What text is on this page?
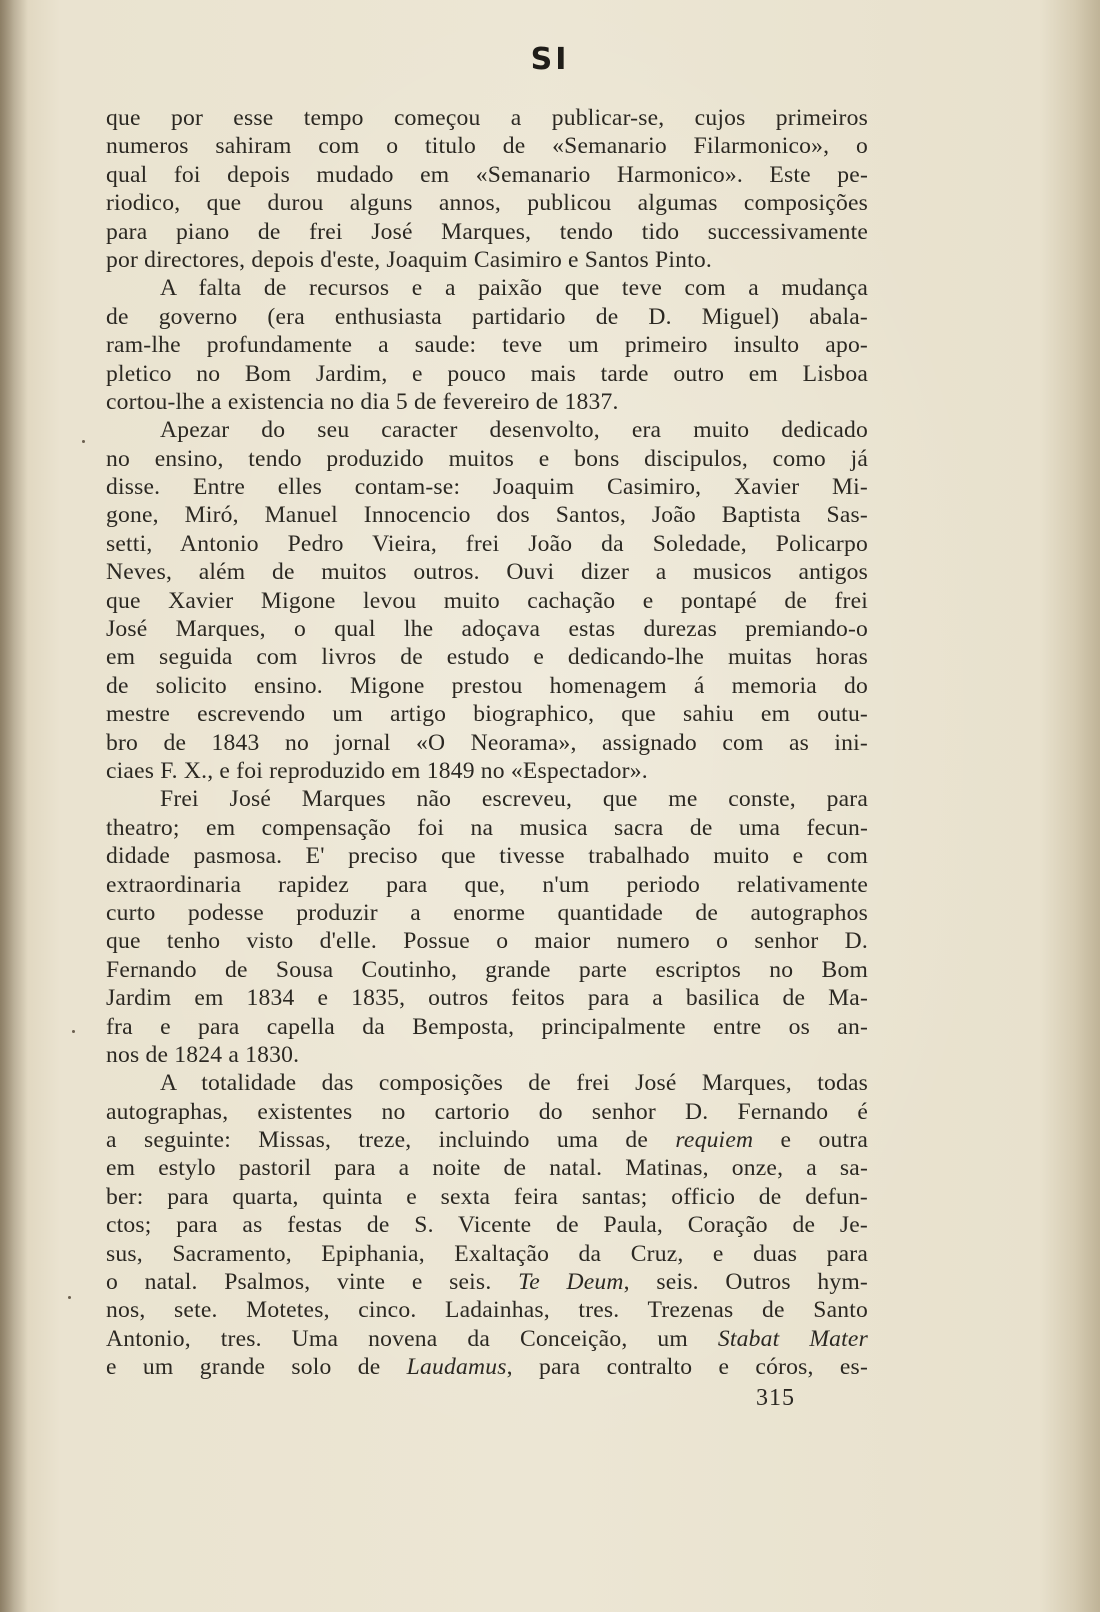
SI
que por esse tempo começou a publicar-se, cujos primeiros
numeros sahiram com o titulo de «Semanario Filarmonico», o
qual foi depois mudado em «Semanario Harmonico». Este pe-
riodico, que durou alguns annos, publicou algumas composições
para piano de frei José Marques, tendo tido successivamente
por directores, depois d'este, Joaquim Casimiro e Santos Pinto.
A falta de recursos e a paixão que teve com a mudança
de governo (era enthusiasta partidario de D. Miguel) abala-
ram-lhe profundamente a saude: teve um primeiro insulto apo-
pletico no Bom Jardim, e pouco mais tarde outro em Lisboa
cortou-lhe a existencia no dia 5 de fevereiro de 1837.
Apezar do seu caracter desenvolto, era muito dedicado
no ensino, tendo produzido muitos e bons discipulos, como já
disse. Entre elles contam-se: Joaquim Casimiro, Xavier Mi-
gone, Miró, Manuel Innocencio dos Santos, João Baptista Sas-
setti, Antonio Pedro Vieira, frei João da Soledade, Policarpo
Neves, além de muitos outros. Ouvi dizer a musicos antigos
que Xavier Migone levou muito cachação e pontapé de frei
José Marques, o qual lhe adoçava estas durezas premiando-o
em seguida com livros de estudo e dedicando-lhe muitas horas
de solicito ensino. Migone prestou homenagem á memoria do
mestre escrevendo um artigo biographico, que sahiu em outu-
bro de 1843 no jornal «O Neorama», assignado com as ini-
ciaes F. X., e foi reproduzido em 1849 no «Espectador».
Frei José Marques não escreveu, que me conste, para
theatro; em compensação foi na musica sacra de uma fecun-
didade pasmosa. E' preciso que tivesse trabalhado muito e com
extraordinaria rapidez para que, n'um periodo relativamente
curto podesse produzir a enorme quantidade de autographos
que tenho visto d'elle. Possue o maior numero o senhor D.
Fernando de Sousa Coutinho, grande parte escriptos no Bom
Jardim em 1834 e 1835, outros feitos para a basilica de Ma-
fra e para capella da Bemposta, principalmente entre os an-
nos de 1824 a 1830.
A totalidade das composições de frei José Marques, todas
autographas, existentes no cartorio do senhor D. Fernando é
a seguinte: Missas, treze, incluindo uma de requiem e outra
em estylo pastoril para a noite de natal. Matinas, onze, a sa-
ber: para quarta, quinta e sexta feira santas; officio de defun-
ctos; para as festas de S. Vicente de Paula, Coração de Je-
sus, Sacramento, Epiphania, Exaltação da Cruz, e duas para
o natal. Psalmos, vinte e seis. Te Deum, seis. Outros hym-
nos, sete. Motetes, cinco. Ladainhas, tres. Trezenas de Santo
Antonio, tres. Uma novena da Conceição, um Stabat Mater
e um grande solo de Laudamus, para contralto e córos, es-
315
